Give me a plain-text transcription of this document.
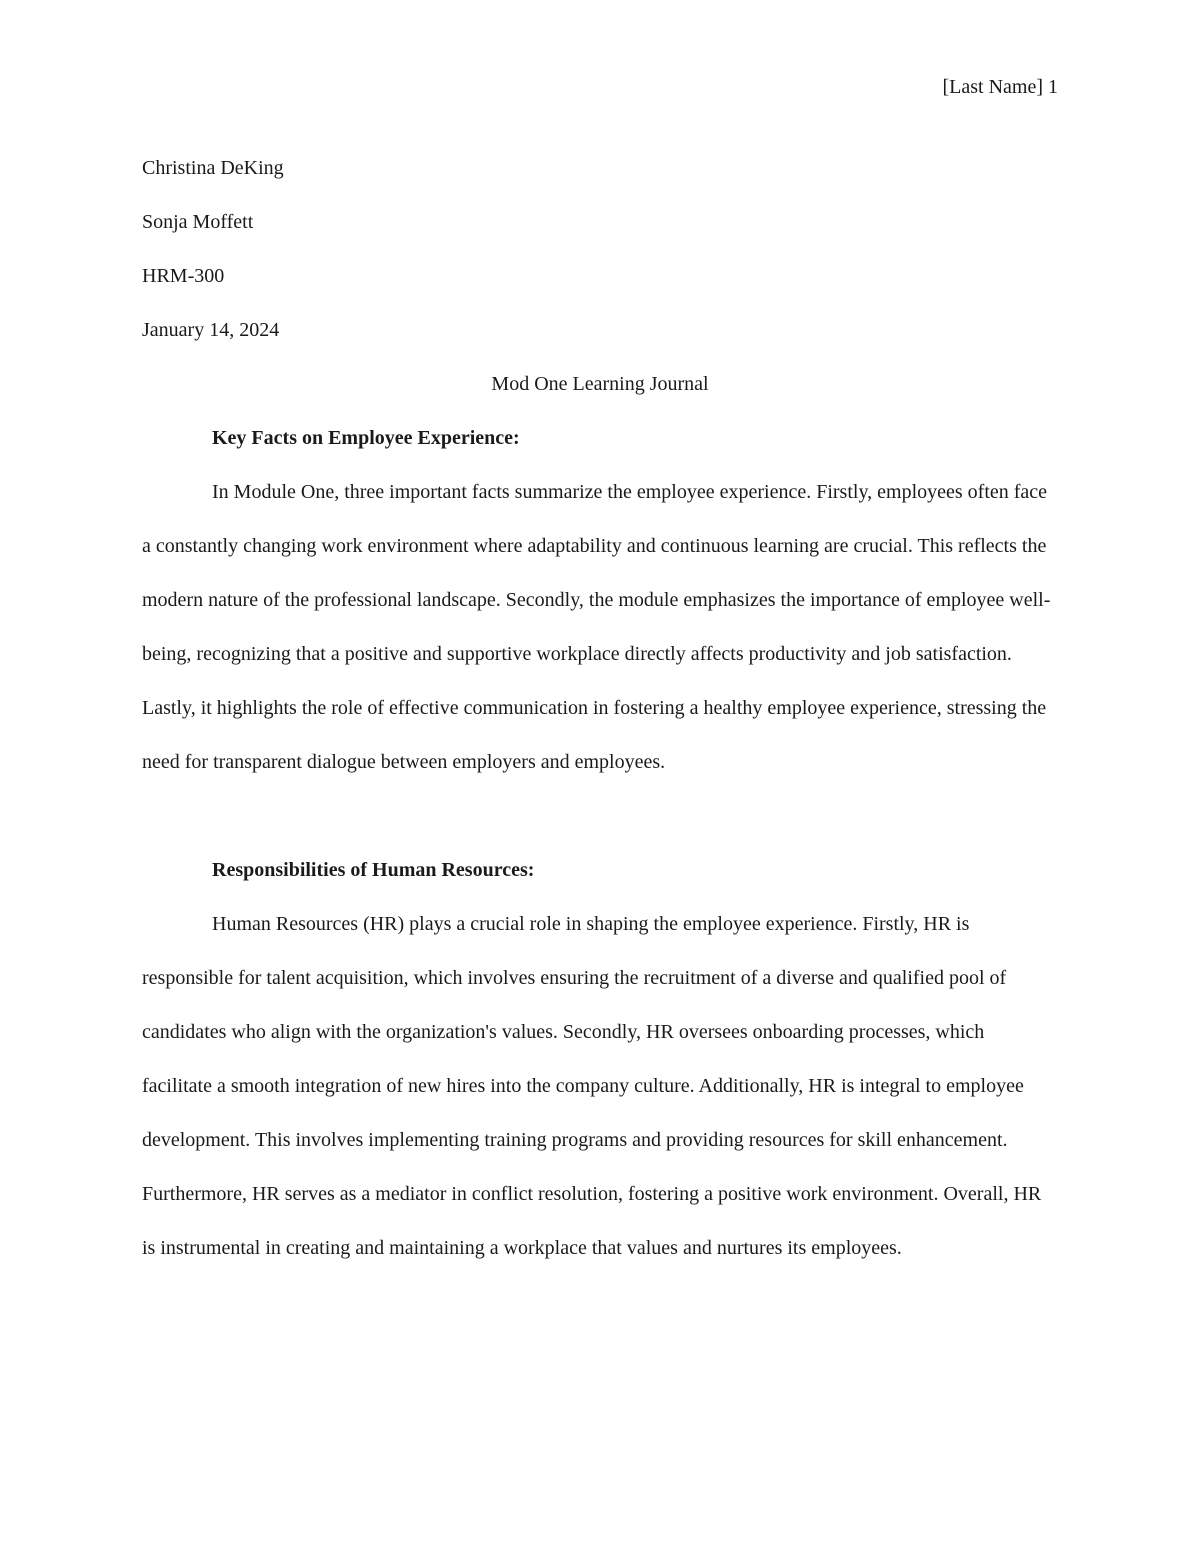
[Last Name] 1
Christina DeKing
Sonja Moffett
HRM-300
January 14, 2024
Mod One Learning Journal
Key Facts on Employee Experience:

In Module One, three important facts summarize the employee experience. Firstly, employees often face a constantly changing work environment where adaptability and continuous learning are crucial. This reflects the modern nature of the professional landscape. Secondly, the module emphasizes the importance of employee well-being, recognizing that a positive and supportive workplace directly affects productivity and job satisfaction. Lastly, it highlights the role of effective communication in fostering a healthy employee experience, stressing the need for transparent dialogue between employers and employees.

Responsibilities of Human Resources:

Human Resources (HR) plays a crucial role in shaping the employee experience. Firstly, HR is responsible for talent acquisition, which involves ensuring the recruitment of a diverse and qualified pool of candidates who align with the organization's values. Secondly, HR oversees onboarding processes, which facilitate a smooth integration of new hires into the company culture. Additionally, HR is integral to employee development. This involves implementing training programs and providing resources for skill enhancement. Furthermore, HR serves as a mediator in conflict resolution, fostering a positive work environment. Overall, HR is instrumental in creating and maintaining a workplace that values and nurtures its employees.
